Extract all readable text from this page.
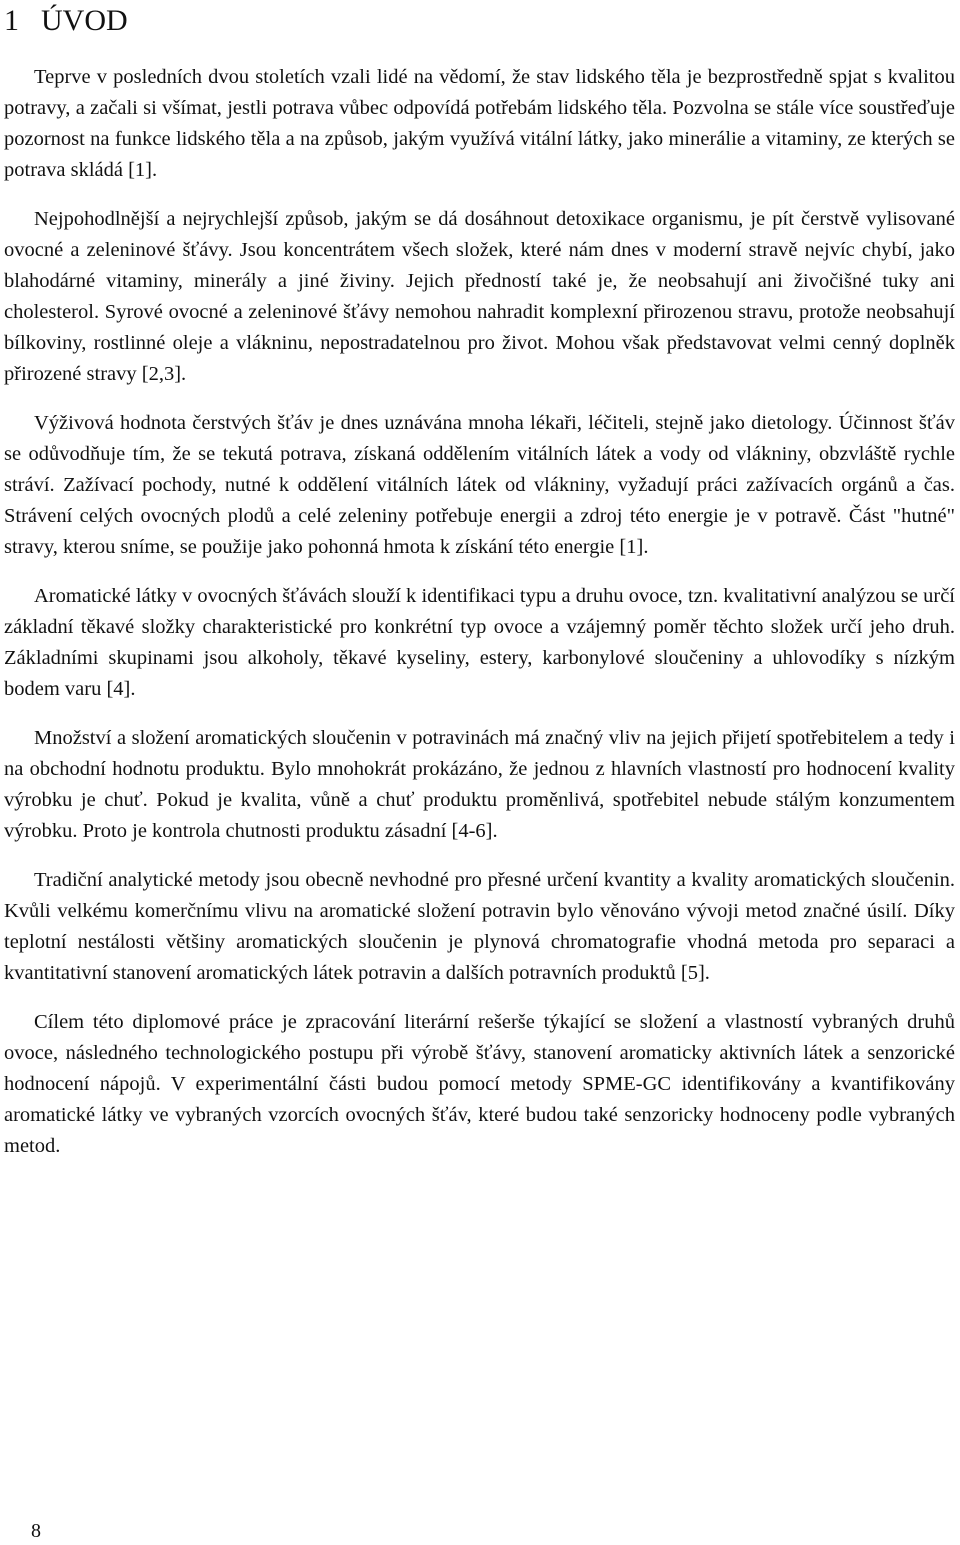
1 ÚVOD

Teprve v posledních dvou stoletích vzali lidé na vědomí, že stav lidského těla je bezprostředně spjat s kvalitou potravy, a začali si všímat, jestli potrava vůbec odpovídá potřebám lidského těla. Pozvolna se stále více soustřeďuje pozornost na funkce lidského těla a na způsob, jakým využívá vitální látky, jako minerálie a vitaminy, ze kterých se potrava skládá [1].

Nejpohodlnější a nejrychlejší způsob, jakým se dá dosáhnout detoxikace organismu, je pít čerstvě vylisované ovocné a zeleninové šťávy. Jsou koncentrátem všech složek, které nám dnes v moderní stravě nejvíc chybí, jako blahodárné vitaminy, minerály a jiné živiny. Jejich předností také je, že neobsahují ani živočišné tuky ani cholesterol. Syrové ovocné a zeleninové šťávy nemohou nahradit komplexní přirozenou stravu, protože neobsahují bílkoviny, rostlinné oleje a vlákninu, nepostradatelnou pro život. Mohou však představovat velmi cenný doplněk přirozené stravy [2,3].

Výživová hodnota čerstvých šťáv je dnes uznávána mnoha lékaři, léčiteli, stejně jako dietology. Účinnost šťáv se odůvodňuje tím, že se tekutá potrava, získaná oddělením vitálních látek a vody od vlákniny, obzvláště rychle stráví. Zažívací pochody, nutné k oddělení vitálních látek od vlákniny, vyžadují práci zažívacích orgánů a čas. Strávení celých ovocných plodů a celé zeleniny potřebuje energii a zdroj této energie je v potravě. Část "hutné" stravy, kterou sníme, se použije jako pohonná hmota k získání této energie [1].

Aromatické látky v ovocných šťávách slouží k identifikaci typu a druhu ovoce, tzn. kvalitativní analýzou se určí základní těkavé složky charakteristické pro konkrétní typ ovoce a vzájemný poměr těchto složek určí jeho druh. Základními skupinami jsou alkoholy, těkavé kyseliny, estery, karbonylové sloučeniny a uhlovodíky s nízkým bodem varu [4].

Množství a složení aromatických sloučenin v potravinách má značný vliv na jejich přijetí spotřebitelem a tedy i na obchodní hodnotu produktu. Bylo mnohokrát prokázáno, že jednou z hlavních vlastností pro hodnocení kvality výrobku je chuť. Pokud je kvalita, vůně a chuť produktu proměnlivá, spotřebitel nebude stálým konzumentem výrobku. Proto je kontrola chutnosti produktu zásadní [4-6].

Tradiční analytické metody jsou obecně nevhodné pro přesné určení kvantity a kvality aromatických sloučenin. Kvůli velkému komerčnímu vlivu na aromatické složení potravin bylo věnováno vývoji metod značné úsilí. Díky teplotní nestálosti většiny aromatických sloučenin je plynová chromatografie vhodná metoda pro separaci a kvantitativní stanovení aromatických látek potravin a dalších potravních produktů [5].

Cílem této diplomové práce je zpracování literární rešerše týkající se složení a vlastností vybraných druhů ovoce, následného technologického postupu při výrobě šťávy, stanovení aromaticky aktivních látek a senzorické hodnocení nápojů. V experimentální části budou pomocí metody SPME-GC identifikovány a kvantifikovány aromatické látky ve vybraných vzorcích ovocných šťáv, které budou také senzoricky hodnoceny podle vybraných metod.

8
